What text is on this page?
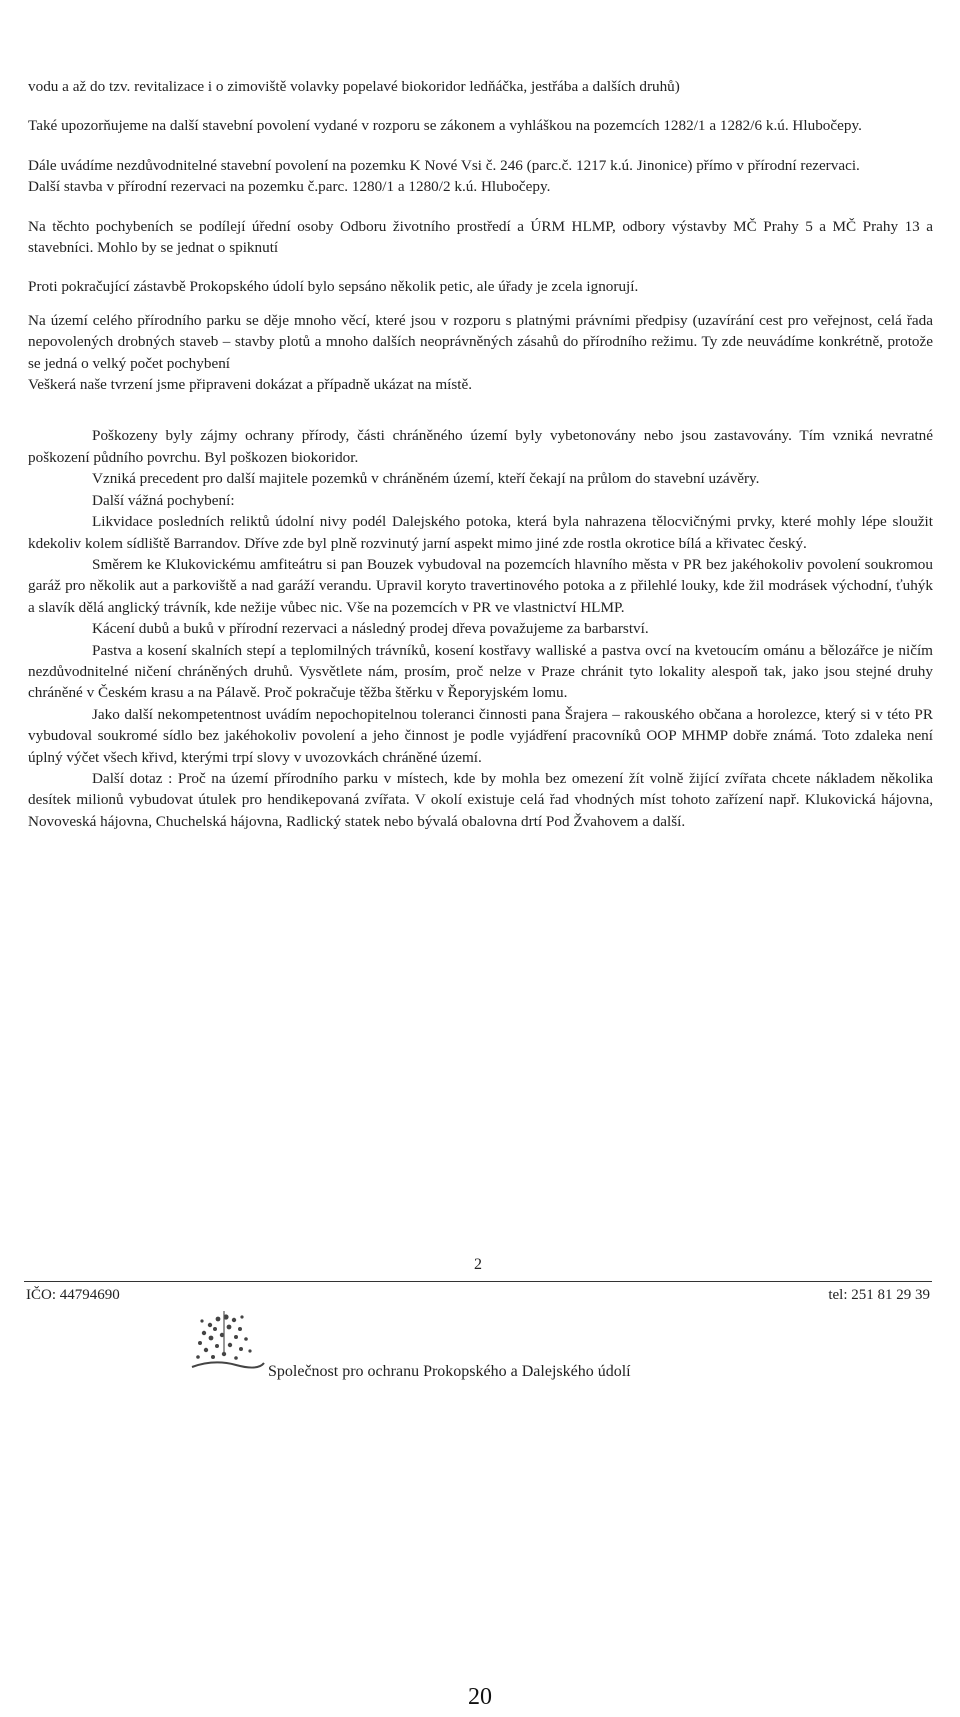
vodu a až do tzv. revitalizace i o zimoviště volavky popelavé biokoridor ledňáčka, jestřába a dalších druhů)

Také upozorňujeme na další stavební povolení vydané v rozporu se zákonem a vyhláškou na pozemcích 1282/1 a 1282/6 k.ú. Hlubočepy.

Dále uvádíme nezdůvodnitelné stavební povolení na pozemku K Nové Vsi č. 246 (parc.č. 1217 k.ú. Jinonice) přímo v přírodní rezervaci.

Další stavba v přírodní rezervaci na pozemku č.parc. 1280/1 a 1280/2 k.ú. Hlubočepy.

Na těchto pochybeních se podílejí úřední osoby Odboru životního prostředí a ÚRM HLMP, odbory výstavby MČ Prahy 5 a MČ Prahy 13 a stavebníci. Mohlo by se jednat o spiknutí

Proti pokračující zástavbě Prokopského údolí bylo sepsáno několik petic, ale úřady je zcela ignorují.

Na území celého přírodního parku se děje mnoho věcí, které jsou v rozporu s platnými právními předpisy (uzavírání cest pro veřejnost, celá řada nepovolených drobných staveb – stavby plotů a mnoho dalších neoprávněných zásahů do přírodního režimu. Ty zde neuvádíme konkrétně, protože se jedná o velký počet pochybení

Veškerá naše tvrzení jsme připraveni dokázat a případně ukázat na místě.

Poškozeny byly zájmy ochrany přírody, části chráněného území byly vybetonovány nebo jsou zastavovány. Tím vzniká nevratné poškození půdního povrchu. Byl poškozen biokoridor.

Vzniká precedent pro další majitele pozemků v chráněném území, kteří čekají na průlom do stavební uzávěry.

Další vážná pochybení:

Likvidace posledních reliktů údolní nivy podél Dalejského potoka, která byla nahrazena tělocvičnými prvky, které mohly lépe sloužit kdekoliv kolem sídliště Barrandov. Dříve zde byl plně rozvinutý jarní aspekt mimo jiné zde rostla okrotice bílá a křivatec český.

Směrem ke Klukovickému amfiteátru si pan Bouzek vybudoval na pozemcích hlavního města v PR bez jakéhokoliv povolení soukromou garáž pro několik aut a parkoviště a nad garáží verandu. Upravil koryto travertinového potoka a z přilehlé louky, kde žil modrásek východní, ťuhýk a slavík dělá anglický trávník, kde nežije vůbec nic. Vše na pozemcích v PR ve vlastnictví HLMP.

Kácení dubů a buků v přírodní rezervaci a následný prodej dřeva považujeme za barbarství.

Pastva a kosení skalních stepí a teplomilných trávníků, kosení kostřavy walliské a pastva ovcí na kvetoucím ománu a bělozářce je ničím nezdůvodnitelné ničení chráněných druhů. Vysvětlete nám, prosím, proč nelze v Praze chránit tyto lokality alespoň tak, jako jsou stejné druhy chráněné v Českém krasu a na Pálavě. Proč pokračuje těžba štěrku v Řeporyjském lomu.

Jako další nekompetentnost uvádím nepochopitelnou toleranci činnosti pana Šrajera – rakouského občana a horolezce, který si v této PR vybudoval soukromé sídlo bez jakéhokoliv povolení a jeho činnost je podle vyjádření pracovníků OOP MHMP dobře známá. Toto zdaleka není úplný výčet všech křivd, kterými trpí slovy v uvozovkách chráněné území.

Další dotaz : Proč na území přírodního parku v místech, kde by mohla bez omezení žít volně žijící zvířata chcete nákladem několika desítek milionů vybudovat útulek pro hendikepovaná zvířata. V okolí existuje celá řad vhodných míst tohoto zařízení např. Klukovická hájovna, Novoveská hájovna, Chuchelská hájovna, Radlický statek nebo bývalá obalovna drtí Pod Žvahovem a další.

2
IČO: 44794690	tel: 251 81 29 39
Společnost pro ochranu Prokopského a Dalejského údolí
20
